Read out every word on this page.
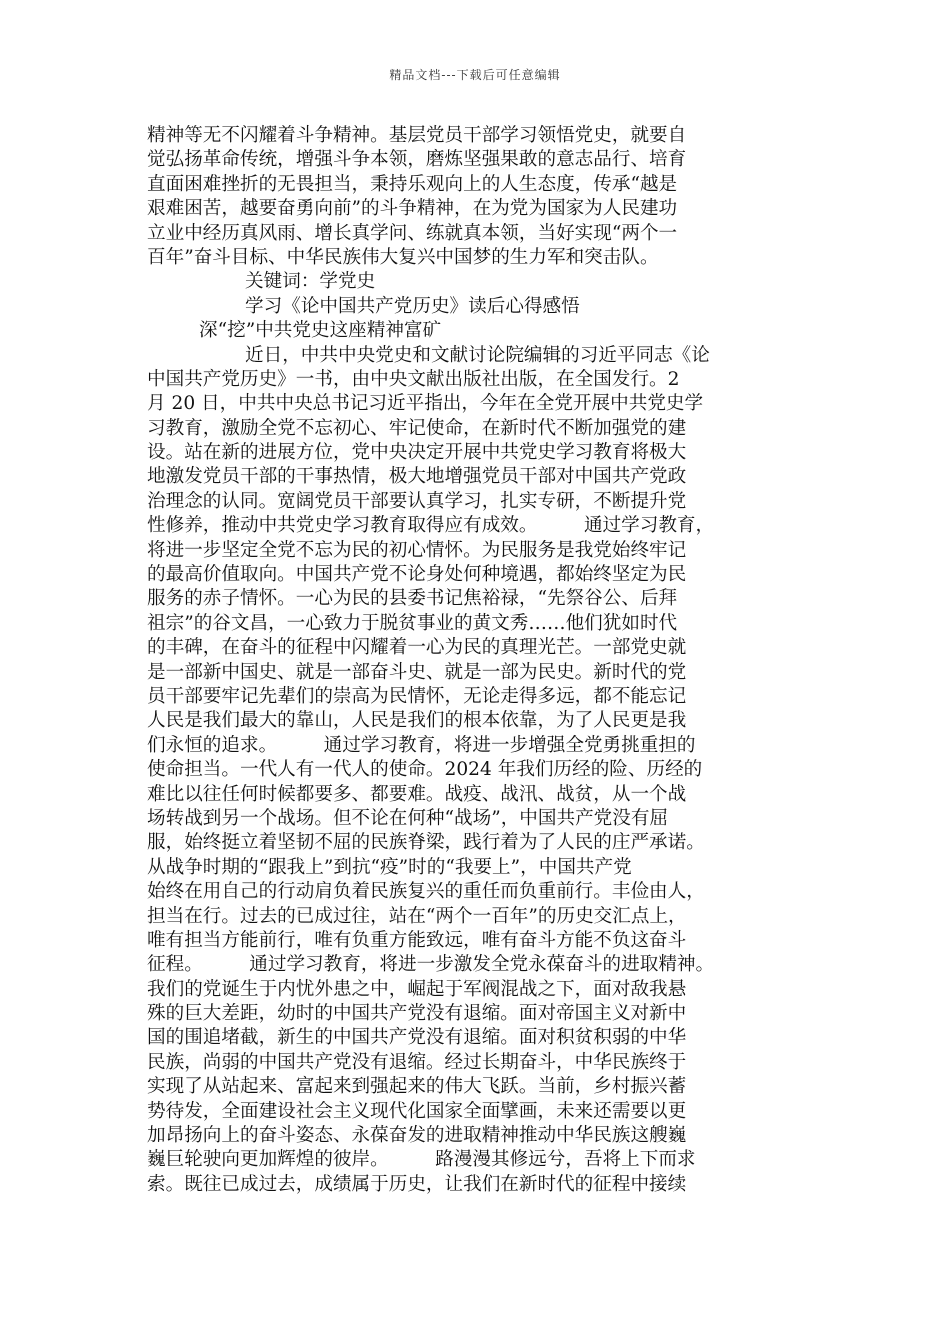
精品文档---下载后可任意编辑
精神等无不闪耀着斗争精神。基层党员干部学习领悟党史，就要自
觉弘扬革命传统，增强斗争本领，磨炼坚强果敢的意志品行、培育
直面困难挫折的无畏担当，秉持乐观向上的人生态度，传承“越是
艰难困苦，越要奋勇向前”的斗争精神，在为党为国家为人民建功
立业中经历真风雨、增长真学问、练就真本领，当好实现“两个一
百年”奋斗目标、中华民族伟大复兴中国梦的生力军和突击队。
关键词：学党史
学习《论中国共产党历史》读后心得感悟
深“挖”中共党史这座精神富矿
近日，中共中央党史和文献讨论院编辑的习近平同志《论
中国共产党历史》一书，由中央文献出版社出版，在全国发行。2
月 20 日，中共中央总书记习近平指出，今年在全党开展中共党史学
习教育，激励全党不忘初心、牢记使命，在新时代不断加强党的建
设。站在新的进展方位，党中央决定开展中共党史学习教育将极大
地激发党员干部的干事热情，极大地增强党员干部对中国共产党政
治理念的认同。宽阔党员干部要认真学习，扎实专研，不断提升党
性修养，推动中共党史学习教育取得应有成效。　　　通过学习教育，
将进一步坚定全党不忘为民的初心情怀。为民服务是我党始终牢记
的最高价值取向。中国共产党不论身处何种境遇，都始终坚定为民
服务的赤子情怀。一心为民的县委书记焦裕禄，“先祭谷公、后拜
祖宗”的谷文昌，一心致力于脱贫事业的黄文秀……他们犹如时代
的丰碑，在奋斗的征程中闪耀着一心为民的真理光芒。一部党史就
是一部新中国史、就是一部奋斗史、就是一部为民史。新时代的党
员干部要牢记先辈们的崇高为民情怀，无论走得多远，都不能忘记
人民是我们最大的靠山，人民是我们的根本依靠，为了人民更是我
们永恒的追求。　　　通过学习教育，将进一步增强全党勇挑重担的
使命担当。一代人有一代人的使命。2024 年我们历经的险、历经的
难比以往任何时候都要多、都要难。战疫、战汛、战贫，从一个战
场转战到另一个战场。但不论在何种“战场”，中国共产党没有屈
服，始终挺立着坚韧不屈的民族脊梁，践行着为了人民的庄严承诺。
从战争时期的“跟我上”到抗“疫”时的“我要上”，中国共产党
始终在用自己的行动肩负着民族复兴的重任而负重前行。丰俭由人，
担当在行。过去的已成过往，站在“两个一百年”的历史交汇点上，
唯有担当方能前行，唯有负重方能致远，唯有奋斗方能不负这奋斗
征程。　　　通过学习教育，将进一步激发全党永葆奋斗的进取精神。
我们的党诞生于内忧外患之中，崛起于军阀混战之下，面对敌我悬
殊的巨大差距，幼时的中国共产党没有退缩。面对帝国主义对新中
国的围追堵截，新生的中国共产党没有退缩。面对积贫积弱的中华
民族，尚弱的中国共产党没有退缩。经过长期奋斗，中华民族终于
实现了从站起来、富起来到强起来的伟大飞跃。当前，乡村振兴蓄
势待发，全面建设社会主义现代化国家全面擘画，未来还需要以更
加昂扬向上的奋斗姿态、永葆奋发的进取精神推动中华民族这艘巍
巍巨轮驶向更加辉煌的彼岸。　　　路漫漫其修远兮，吾将上下而求
索。既往已成过去，成绩属于历史，让我们在新时代的征程中接续
